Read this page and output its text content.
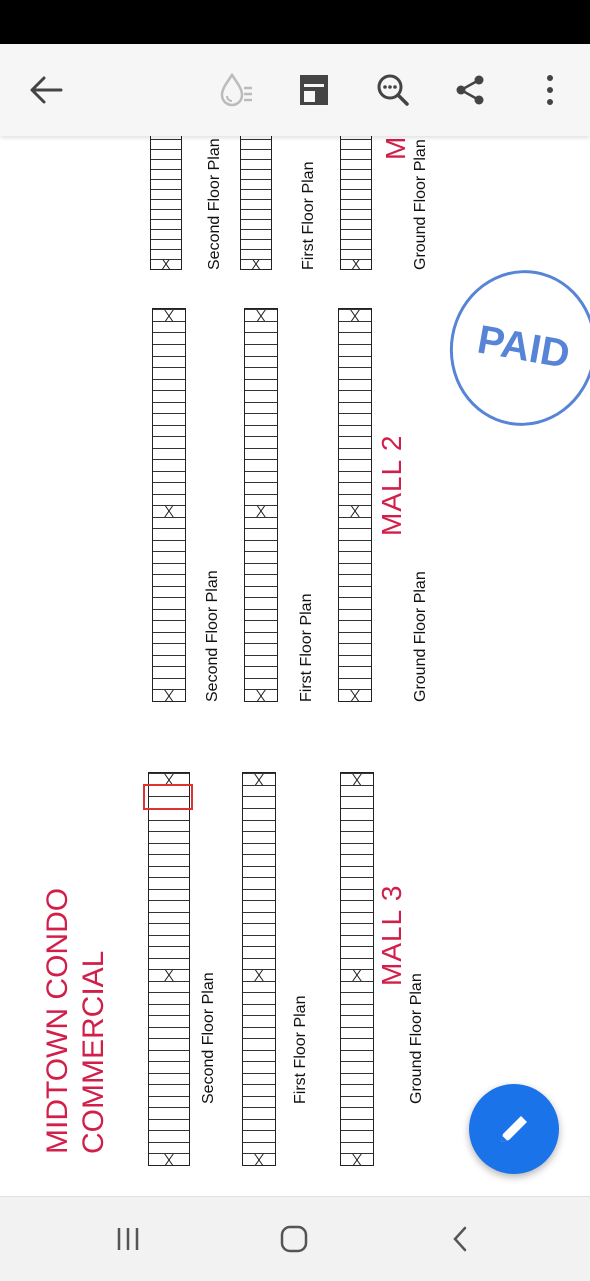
MIDTOWN CONDO COMMERCIAL	Second Floor Plan	First Floor Plan	Ground Floor Plan
MALL 3
Second Floor Plan	First Floor Plan	Ground Floor Plan
MALL 2
Second Floor Plan	First Floor Plan	Ground Floor Plan
M
PAID
